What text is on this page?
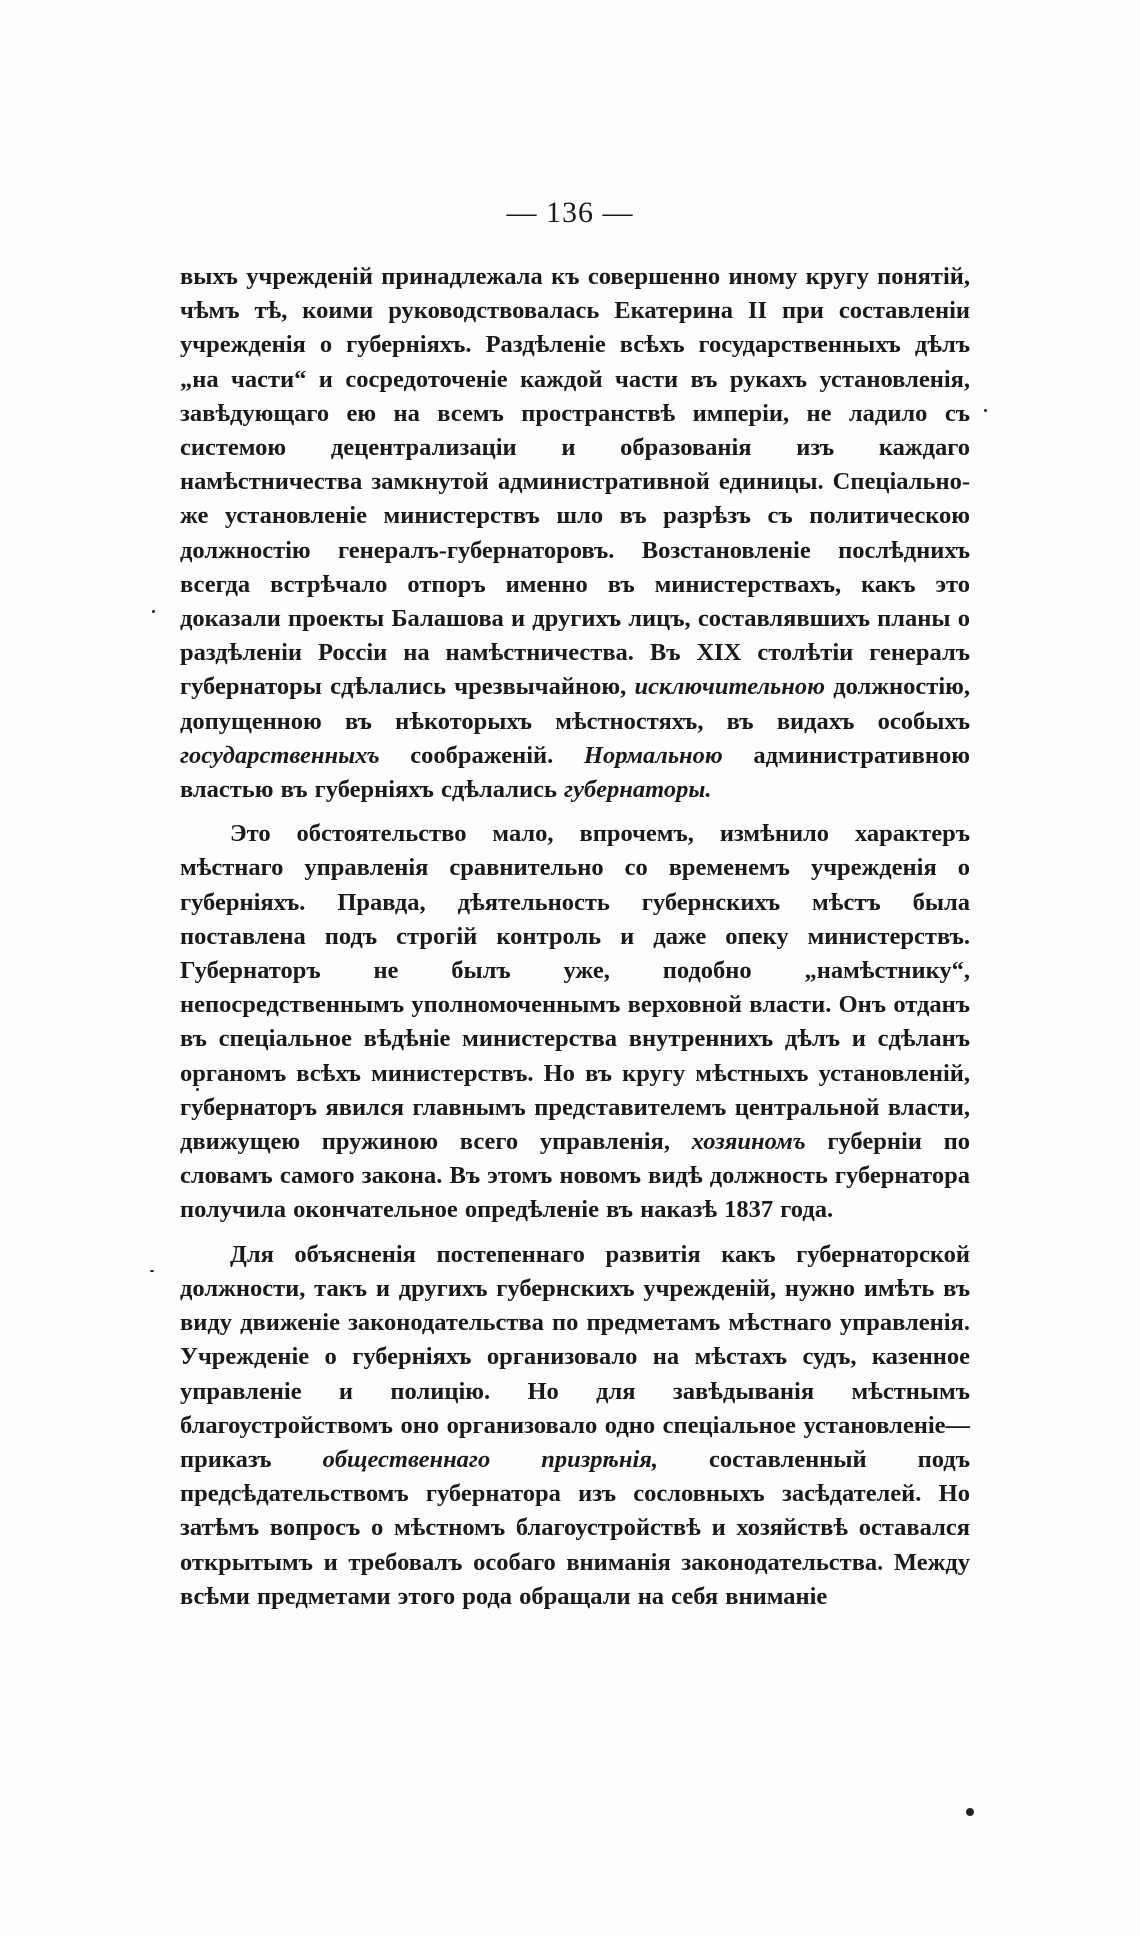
— 136 —

выхъ учрежденій принадлежала къ совершенно иному кругу понятій, чѣмъ тѣ, коими руководствовалась Екатерина II при составленіи учрежденія о губерніяхъ. Раздѣленіе всѣхъ государственныхъ дѣлъ „на части“ и сосредоточеніе каждой части въ рукахъ установленія, завѣдующаго ею на всемъ пространствѣ имперіи, не ладило съ системою децентрализаціи и образованія изъ каждаго намѣстничества замкнутой административной единицы. Спеціально-же установленіе министерствъ шло въ разрѣзъ съ политическою должностію генералъ-губернаторовъ. Возстановленіе послѣднихъ всегда встрѣчало отпоръ именно въ министерствахъ, какъ это доказали проекты Балашова и другихъ лицъ, составлявшихъ планы о раздѣленіи Россіи на намѣстничества. Въ XIX столѣтіи генералъ губернаторы сдѣлались чрезвычайною, исключительною должностію, допущенною въ нѣкоторыхъ мѣстностяхъ, въ видахъ особыхъ государственныхъ соображеній. Нормальною административною властью въ губерніяхъ сдѣлались губернаторы.

Это обстоятельство мало, впрочемъ, измѣнило характеръ мѣстнаго управленія сравнительно со временемъ учрежденія о губерніяхъ. Правда, дѣятельность губернскихъ мѣстъ была поставлена подъ строгій контроль и даже опеку министерствъ. Губернаторъ не былъ уже, подобно „намѣстнику“, непосредственнымъ уполномоченнымъ верховной власти. Онъ отданъ въ спеціальное вѣдѣніе министерства внутреннихъ дѣлъ и сдѣланъ органомъ всѣхъ министерствъ. Но въ кругу мѣстныхъ установленій, губернаторъ явился главнымъ представителемъ центральной власти, движущею пружиною всего управленія, хозяиномъ губерніи по словамъ самого закона. Въ этомъ новомъ видѣ должность губернатора получила окончательное опредѣленіе въ наказѣ 1837 года.

Для объясненія постепеннаго развитія какъ губернаторской должности, такъ и другихъ губернскихъ учрежденій, нужно имѣть въ виду движеніе законодательства по предметамъ мѣстнаго управленія. Учрежденіе о губерніяхъ организовало на мѣстахъ судъ, казенное управленіе и полицію. Но для завѣдыванія мѣстнымъ благоустройствомъ оно организовало одно спеціальное установленіе—приказъ общественнаго призрѣнія, составленный подъ предсѣдательствомъ губернатора изъ сословныхъ засѣдателей. Но затѣмъ вопросъ о мѣстномъ благоустройствѣ и хозяйствѣ оставался открытымъ и требовалъ особаго вниманія законодательства. Между всѣми предметами этого рода обращали на себя вниманіе
